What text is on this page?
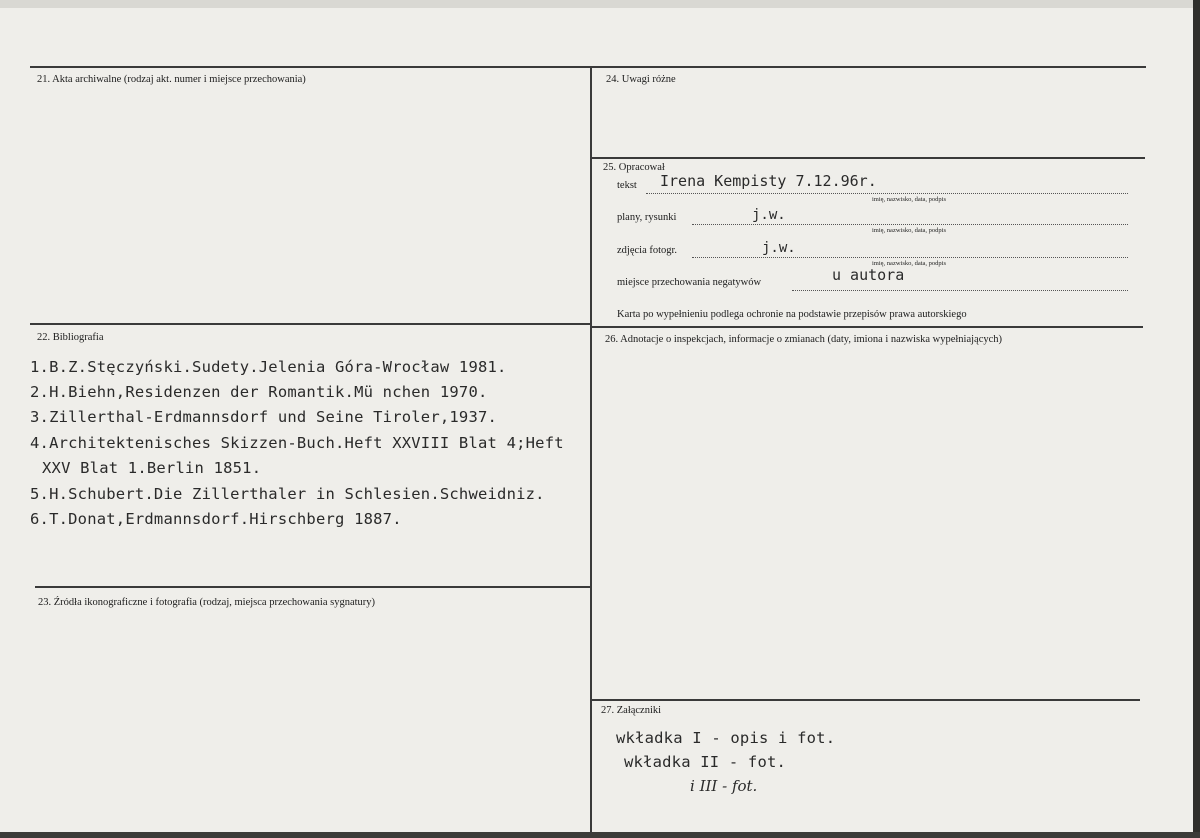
21. Akta archiwalne (rodzaj akt. numer i miejsce przechowania)
22. Bibliografia
1.B.Z.Stęczyński.Sudety.Jelenia Góra-Wrocław 1981.
2.H.Biehn,Residenzen der Romantik.Mü nchen 1970.
3.Zillerthal-Erdmannsdorf und Seine Tiroler,1937.
4.Architektenisches Skizzen-Buch.Heft XXVIII Blat 4;Heft
XXV Blat 1.Berlin 1851.
5.H.Schubert.Die Zillerthaler in Schlesien.Schweidniz.
6.T.Donat,Erdmannsdorf.Hirschberg 1887.
23. Źródła ikonograficzne i fotografia (rodzaj, miejsca przechowania sygnatury)
24. Uwagi różne
25. Opracował
tekst Irena Kempisty 7.12.96r.
imię, nazwisko, data, podpis
plany, rysunki	j.w.
imię, nazwisko, data, podpis
zdjęcia fotogr.	j.w.
imię, nazwisko, data, podpis
miejsce przechowania negatywów	u autora
Karta po wypełnieniu podlega ochronie na podstawie przepisów prawa autorskiego
26. Adnotacje o inspekcjach, informacje o zmianach (daty, imiona i nazwiska wypełniających)
27. Załączniki
wkładka I - opis i fot.
wkładka II - fot.
i III - fot.
